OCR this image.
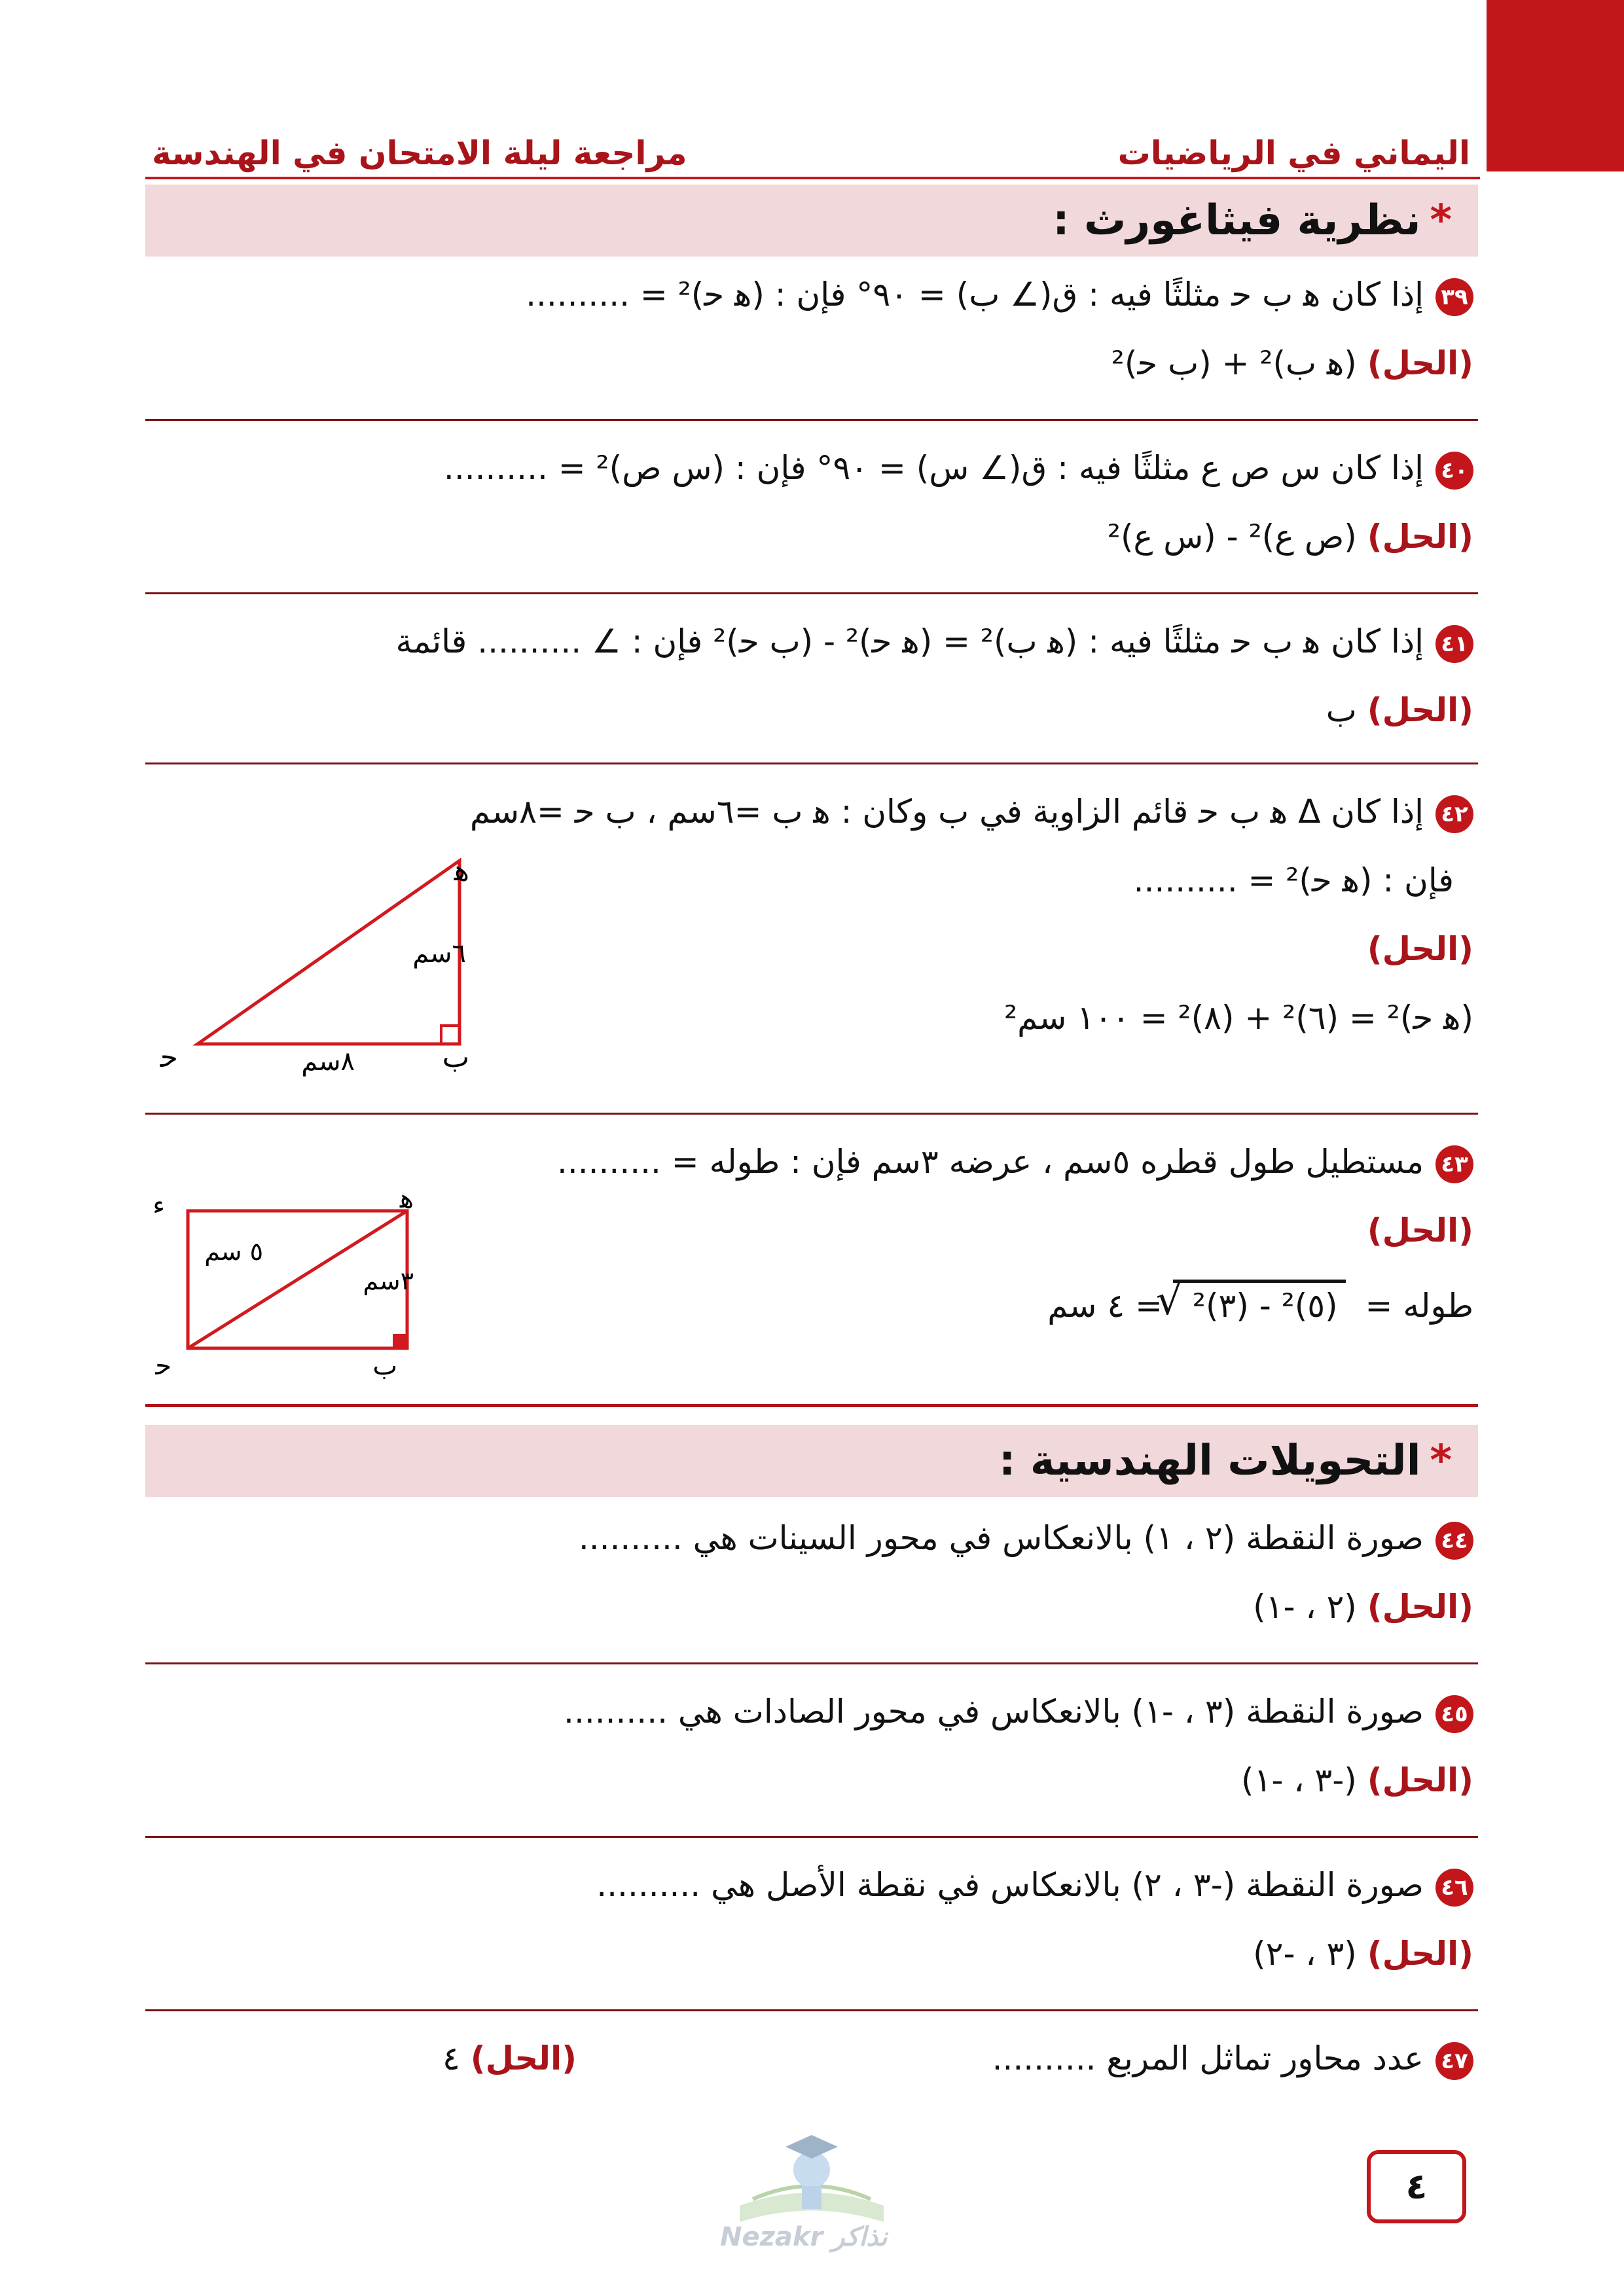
اليماني في الرياضيات
مراجعة ليلة الامتحان في الهندسة
*نظرية فيثاغورث :
٣٩إذا كان ﻫ ب ﺣ مثلثًا فيه : ق(∠ ب) = ٩٠° فإن : (ﻫ ﺣ)² = ..........
(الحل) (ﻫ ب)² + (ب ﺣ)²
٤٠إذا كان س ص ع مثلثًا فيه : ق(∠ س) = ٩٠° فإن : (س ص)² = ..........
(الحل) (ص ع)² - (س ع)²
٤١إذا كان ﻫ ب ﺣ مثلثًا فيه : (ﻫ ب)² = (ﻫ ﺣ)² - (ب ﺣ)² فإن : ∠ .......... قائمة
(الحل) ب
٤٢إذا كان Δ ﻫ ب ﺣ قائم الزاوية في ب وكان : ﻫ ب =٦سم ، ب ﺣ =٨سم
فإن : (ﻫ ﺣ)² = ..........
(الحل)
(ﻫ ﺣ)² = (٦)² + (٨)² = ١٠٠ سم²
ﻫ
ب
ﺣ
٦سم
٨سم
٤٣مستطيل طول قطره ٥سم ، عرضه ٣سم فإن : طوله = ..........
(الحل)
طوله =
√ (٥)² - (٣)² = ٤ سم
ﻫ
ب
ﺣ
ء
٥ سم
٣سم
*التحويلات الهندسية :
٤٤صورة النقطة (٢ ، ١) بالانعكاس في محور السينات هي ..........
(الحل) (٢ ، -١)
٤٥صورة النقطة (٣ ، -١) بالانعكاس في محور الصادات هي ..........
(الحل) (-٣ ، -١)
٤٦صورة النقطة (-٣ ، ٢) بالانعكاس في نقطة الأصل هي ..........
(الحل) (٣ ، -٢)
٤٧عدد محاور تماثل المربع ..........
(الحل) ٤
Nezakr نذاكر
٤
